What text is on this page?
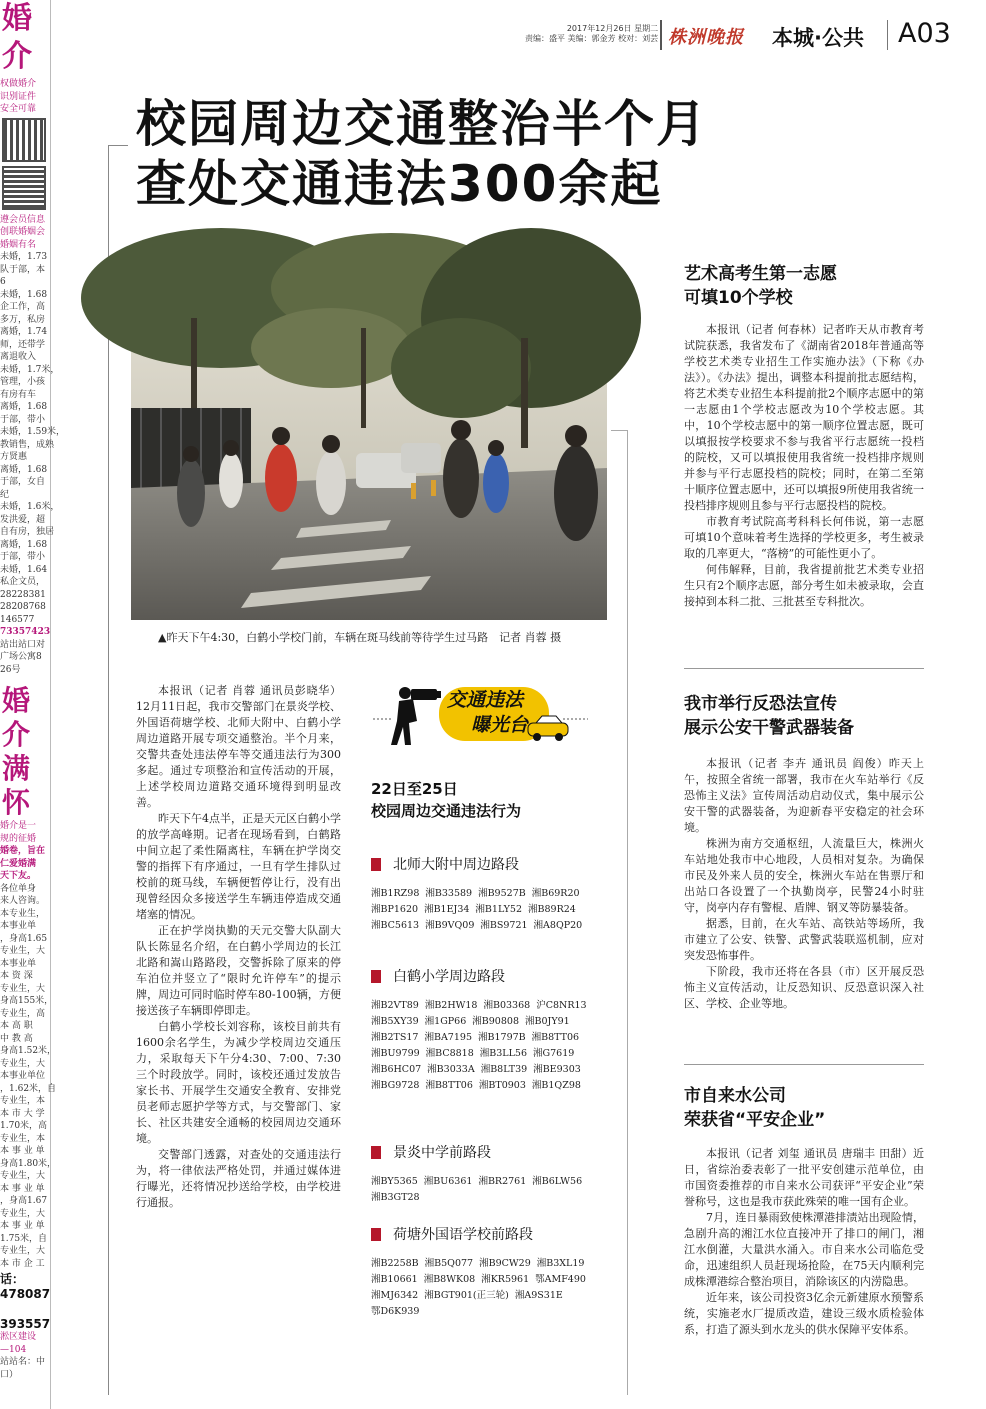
婚介
权做婚介
识别证件
安全可靠
遵会员信息
创联婚姻会
婚姻有名
未婚，1.73
队于部，本
6
未婚，1.68
企工作，高
多万，私房
离婚，1.74
师，还带学
离退收入
未婚，1.7米，
管理，小孩
有房有车
离婚，1.68
于部，带小
未婚，1.59米，
教销售，成熟
方贤惠
离婚，1.68
于部，女自
纪
未婚，1.6米，
发洪爱，超
自有房，独居
离婚，1.68
于部，带小
未婚，1.64
私企文员，
28228381
28208768
146577
73357423
站出站口对
广场公寓8
26号
婚介
满怀
婚介是一
规的征婚
婚卷，旨在
仁爱婚满
天下友。
各位单身
来人咨询。
本专业生，
本事业单
，身高1.65
专业生，大
本事业单
本 资 深
专业生，大
身高155米，
专业生，高
本 高 职
中 教 高
身高1.52米，
专业生，大
本事业单位
，1.62米，自
专业生，本
本 市 大 学
1.70米，高
专业生，本
本 事 业 单
身高1.80米，
专业生，大
本 事 业 单
，身高1.67
专业生，大
本 事 业 单
1.75米，自
专业生，大
本 市 企 工
话：
478087
393557
淞区建设
—104
站站名：中
口）
2017年12月26日 星期二
责编：盛平 美编：郭金芳 校对：刘芸 株洲晚报 本城·公共 A03
校园周边交通整治半个月
查处交通违法300余起
▲昨天下午4:30，白鹤小学校门前，车辆在斑马线前等待学生过马路　记者 肖蓉 摄

本报讯（记者 肖蓉 通讯员彭晓华）12月11日起，我市交警部门在景炎学校、外国语荷塘学校、北师大附中、白鹤小学周边道路开展专项交通整治。半个月来，交警共查处违法停车等交通违法行为300多起。通过专项整治和宣传活动的开展，上述学校周边道路交通环境得到明显改善。

昨天下午4点半，正是天元区白鹤小学的放学高峰期。记者在现场看到，白鹤路中间立起了柔性隔离柱，车辆在护学岗交警的指挥下有序通过，一旦有学生排队过校前的斑马线，车辆便暂停让行，没有出现曾经因众多接送学生车辆违停造成交通堵塞的情况。

正在护学岗执勤的天元交警大队副大队长陈显名介绍，在白鹤小学周边的长江北路和嵩山路路段，交警拆除了原来的停车泊位并竖立了“限时允许停车”的提示牌，周边可同时临时停车80-100辆，方便接送孩子车辆即停即走。

白鹤小学校长刘容称，该校目前共有1600余名学生，为减少学校周边交通压力，采取每天下午分4:30、7:00、7:30三个时段放学。同时，该校还通过发放告家长书、开展学生交通安全教育、安排党员老师志愿护学等方式，与交警部门、家长、社区共建安全通畅的校园周边交通环境。

交警部门透露，对查处的交通违法行为，将一律依法严格处罚，并通过媒体进行曝光，还将情况抄送给学校，由学校进行通报。

交通违法
曝光台
22日至25日
校园周边交通违法行为
北师大附中周边路段
湘B1RZ98 湘B33589 湘B9527B 湘B69R20湘BP1620 湘B1EJ34 湘B1LY52 湘B89R24湘BC5613 湘B9VQ09 湘BS9721 湘A8QP20
白鹤小学周边路段
湘B2VT89 湘B2HW18 湘B03368 沪C8NR13湘B5XY39 湘1GP66 湘B90808 湘B0JY91湘B2TS17 湘BA7195 湘B1797B 湘B8TT06湘BU9799 湘BC8818 湘B3LL56 湘G7619湘B6HC07 湘B3033A 湘B8LT39 湘BE9303湘BG9728 湘B8TT06 湘BT0903 湘B1QZ98
景炎中学前路段
湘BY5365 湘BU6361 湘BR2761 湘B6LW56湘B3GT28
荷塘外国语学校前路段
湘B2258B 湘B5Q077 湘B9CW29 湘B3XL19湘B10661 湘B8WK08 湘KR5961 鄂AMF490湘MJ6342 湘BGT901(正三轮) 湘A9S31E鄂D6K939
艺术高考生第一志愿
可填10个学校

本报讯（记者 何春林）记者昨天从市教育考试院获悉，我省发布了《湖南省2018年普通高等学校艺术类专业招生工作实施办法》（下称《办法》）。《办法》提出，调整本科提前批志愿结构，将艺术类专业招生本科提前批2个顺序志愿中的第一志愿由1个学校志愿改为10个学校志愿。其中，10个学校志愿中的第一顺序位置志愿，既可以填报按学校要求不参与我省平行志愿统一投档的院校，又可以填报使用我省统一投档排序规则并参与平行志愿投档的院校；同时，在第二至第十顺序位置志愿中，还可以填报9所使用我省统一投档排序规则且参与平行志愿投档的院校。

市教育考试院高考科科长何伟说，第一志愿可填10个意味着考生选择的学校更多，考生被录取的几率更大，“落榜”的可能性更小了。

何伟解释，目前，我省提前批艺术类专业招生只有2个顺序志愿，部分考生如未被录取，会直接掉到本科二批、三批甚至专科批次。

我市举行反恐法宣传
展示公安干警武器装备

本报讯（记者 李卉 通讯员 阎俊）昨天上午，按照全省统一部署，我市在火车站举行《反恐怖主义法》宣传周活动启动仪式，集中展示公安干警的武器装备，为迎新春平安稳定的社会环境。

株洲为南方交通枢纽，人流量巨大，株洲火车站地处我市中心地段，人员相对复杂。为确保市民及外来人员的安全，株洲火车站在售票厅和出站口各设置了一个执勤岗亭，民警24小时驻守，岗亭内存有警棍、盾牌、钢叉等防暴装备。

据悉，目前，在火车站、高铁站等场所，我市建立了公安、铁警、武警武装联巡机制，应对突发恐怖事件。

下阶段，我市还将在各县（市）区开展反恐怖主义宣传活动，让反恐知识、反恐意识深入社区、学校、企业等地。

市自来水公司
荣获省“平安企业”

本报讯（记者 刘玺 通讯员 唐瑞丰 田甜）近日，省综治委表彰了一批平安创建示范单位，由市国资委推荐的市自来水公司获评“平安企业”荣誉称号，这也是我市获此殊荣的唯一国有企业。

7月，连日暴雨致使株潭港排渍站出现险情，急剧升高的湘江水位直接冲开了排口的闸门，湘江水倒灌，大量洪水涌入。市自来水公司临危受命，迅速组织人员赶现场抢险，在75天内顺利完成株潭港综合整治项目，消除该区的内涝隐患。

近年来，该公司投资3亿余元新建原水预警系统，实施老水厂提质改造，建设三级水质检验体系，打造了源头到水龙头的供水保障平安体系。
